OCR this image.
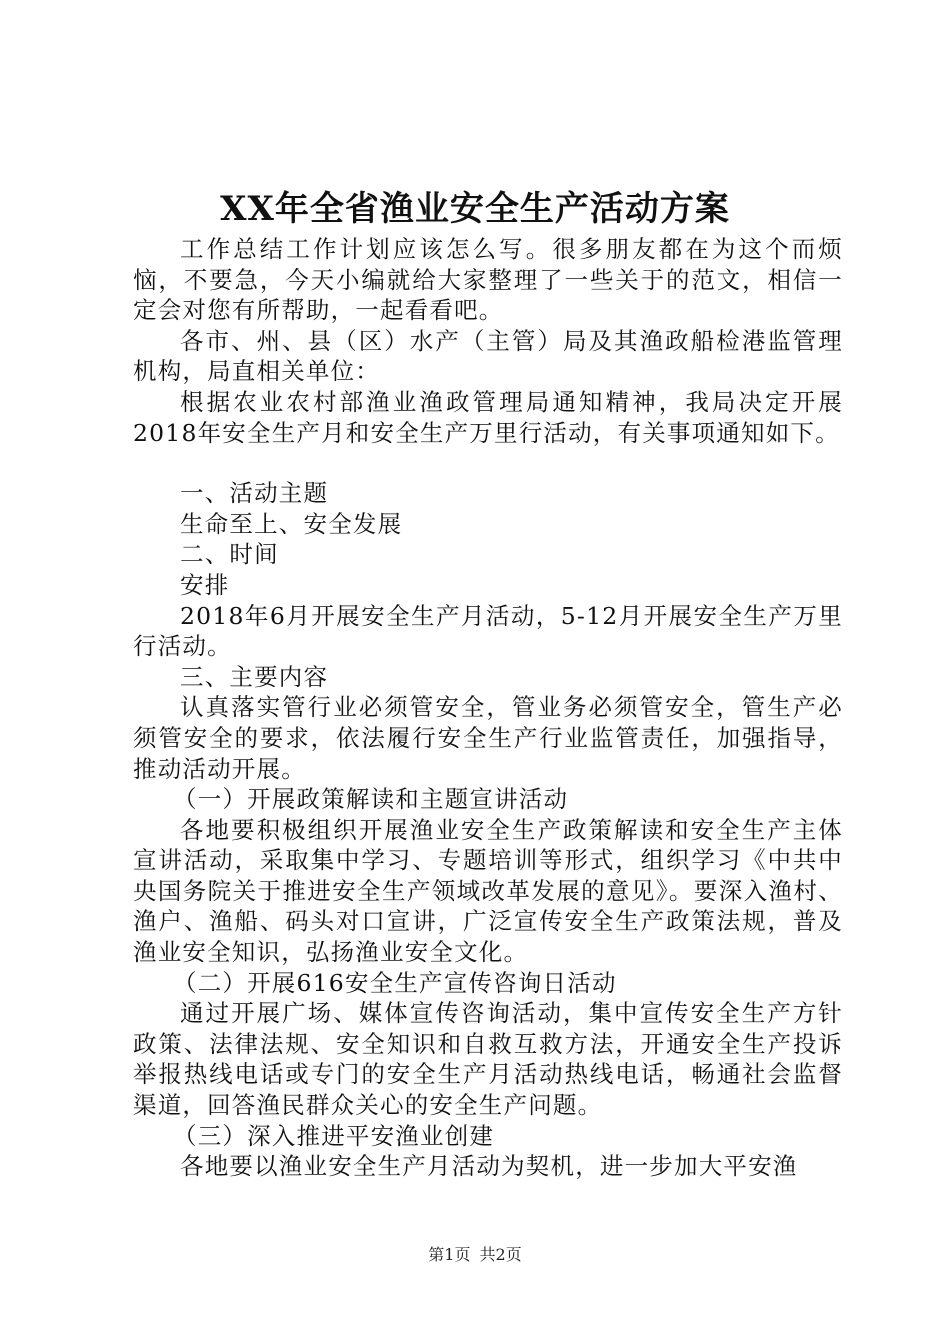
XX年全省渔业安全生产活动方案

工作总结工作计划应该怎么写。很多朋友都在为这个而烦恼，不要急，今天小编就给大家整理了一些关于的范文，相信一定会对您有所帮助，一起看看吧。

各市、州、县（区）水产（主管）局及其渔政船检港监管理机构，局直相关单位：

根据农业农村部渔业渔政管理局通知精神，我局决定开展2018年安全生产月和安全生产万里行活动，有关事项通知如下。

一、活动主题

生命至上、安全发展

二、时间

安排

2018年6月开展安全生产月活动，5-12月开展安全生产万里行活动。

三、主要内容

认真落实管行业必须管安全，管业务必须管安全，管生产必须管安全的要求，依法履行安全生产行业监管责任，加强指导，推动活动开展。

（一）开展政策解读和主题宣讲活动

各地要积极组织开展渔业安全生产政策解读和安全生产主体宣讲活动，采取集中学习、专题培训等形式，组织学习《中共中央国务院关于推进安全生产领域改革发展的意见》。要深入渔村、渔户、渔船、码头对口宣讲，广泛宣传安全生产政策法规，普及渔业安全知识，弘扬渔业安全文化。

（二）开展616安全生产宣传咨询日活动

通过开展广场、媒体宣传咨询活动，集中宣传安全生产方针政策、法律法规、安全知识和自救互救方法，开通安全生产投诉举报热线电话或专门的安全生产月活动热线电话，畅通社会监督渠道，回答渔民群众关心的安全生产问题。

（三）深入推进平安渔业创建

各地要以渔业安全生产月活动为契机，进一步加大平安渔

第1页 共2页
